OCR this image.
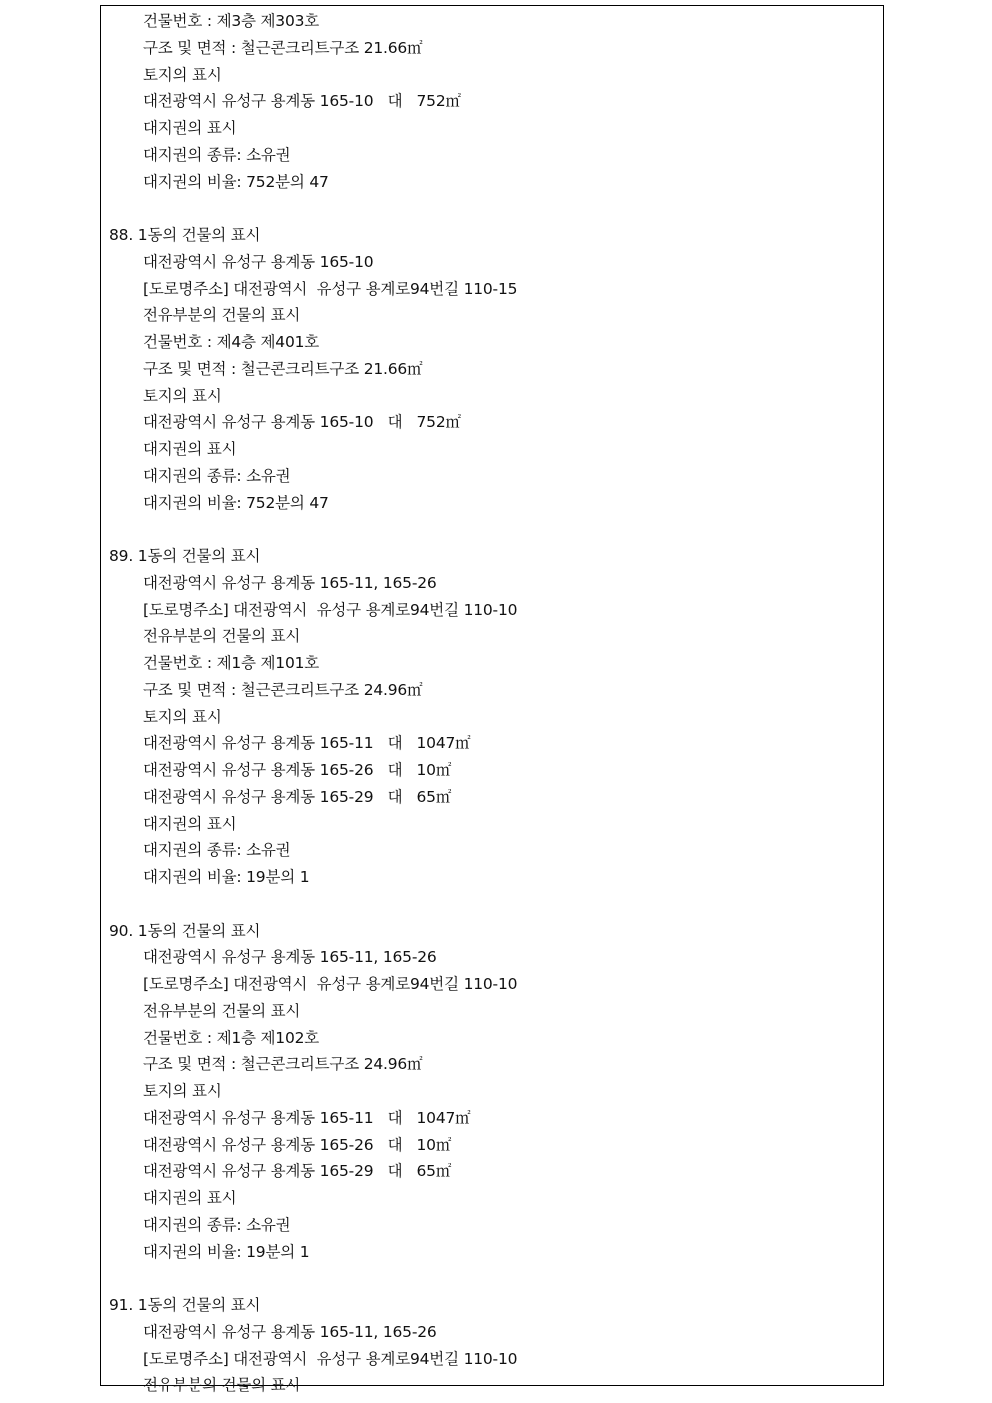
건물번호 : 제3층 제303호
구조 및 면적 : 철근콘크리트구조 21.66㎡
토지의 표시
대전광역시 유성구 용계동 165-10   대   752㎡
대지권의 표시
대지권의 종류: 소유권
대지권의 비율: 752분의 47
88. 1동의 건물의 표시
대전광역시 유성구 용계동 165-10
[도로명주소] 대전광역시  유성구 용계로94번길 110-15
전유부분의 건물의 표시
건물번호 : 제4층 제401호
구조 및 면적 : 철근콘크리트구조 21.66㎡
토지의 표시
대전광역시 유성구 용계동 165-10   대   752㎡
대지권의 표시
대지권의 종류: 소유권
대지권의 비율: 752분의 47
89. 1동의 건물의 표시
대전광역시 유성구 용계동 165-11, 165-26
[도로명주소] 대전광역시  유성구 용계로94번길 110-10
전유부분의 건물의 표시
건물번호 : 제1층 제101호
구조 및 면적 : 철근콘크리트구조 24.96㎡
토지의 표시
대전광역시 유성구 용계동 165-11   대   1047㎡
대전광역시 유성구 용계동 165-26   대   10㎡
대전광역시 유성구 용계동 165-29   대   65㎡
대지권의 표시
대지권의 종류: 소유권
대지권의 비율: 19분의 1
90. 1동의 건물의 표시
대전광역시 유성구 용계동 165-11, 165-26
[도로명주소] 대전광역시  유성구 용계로94번길 110-10
전유부분의 건물의 표시
건물번호 : 제1층 제102호
구조 및 면적 : 철근콘크리트구조 24.96㎡
토지의 표시
대전광역시 유성구 용계동 165-11   대   1047㎡
대전광역시 유성구 용계동 165-26   대   10㎡
대전광역시 유성구 용계동 165-29   대   65㎡
대지권의 표시
대지권의 종류: 소유권
대지권의 비율: 19분의 1
91. 1동의 건물의 표시
대전광역시 유성구 용계동 165-11, 165-26
[도로명주소] 대전광역시  유성구 용계로94번길 110-10
전유부분의 건물의 표시
